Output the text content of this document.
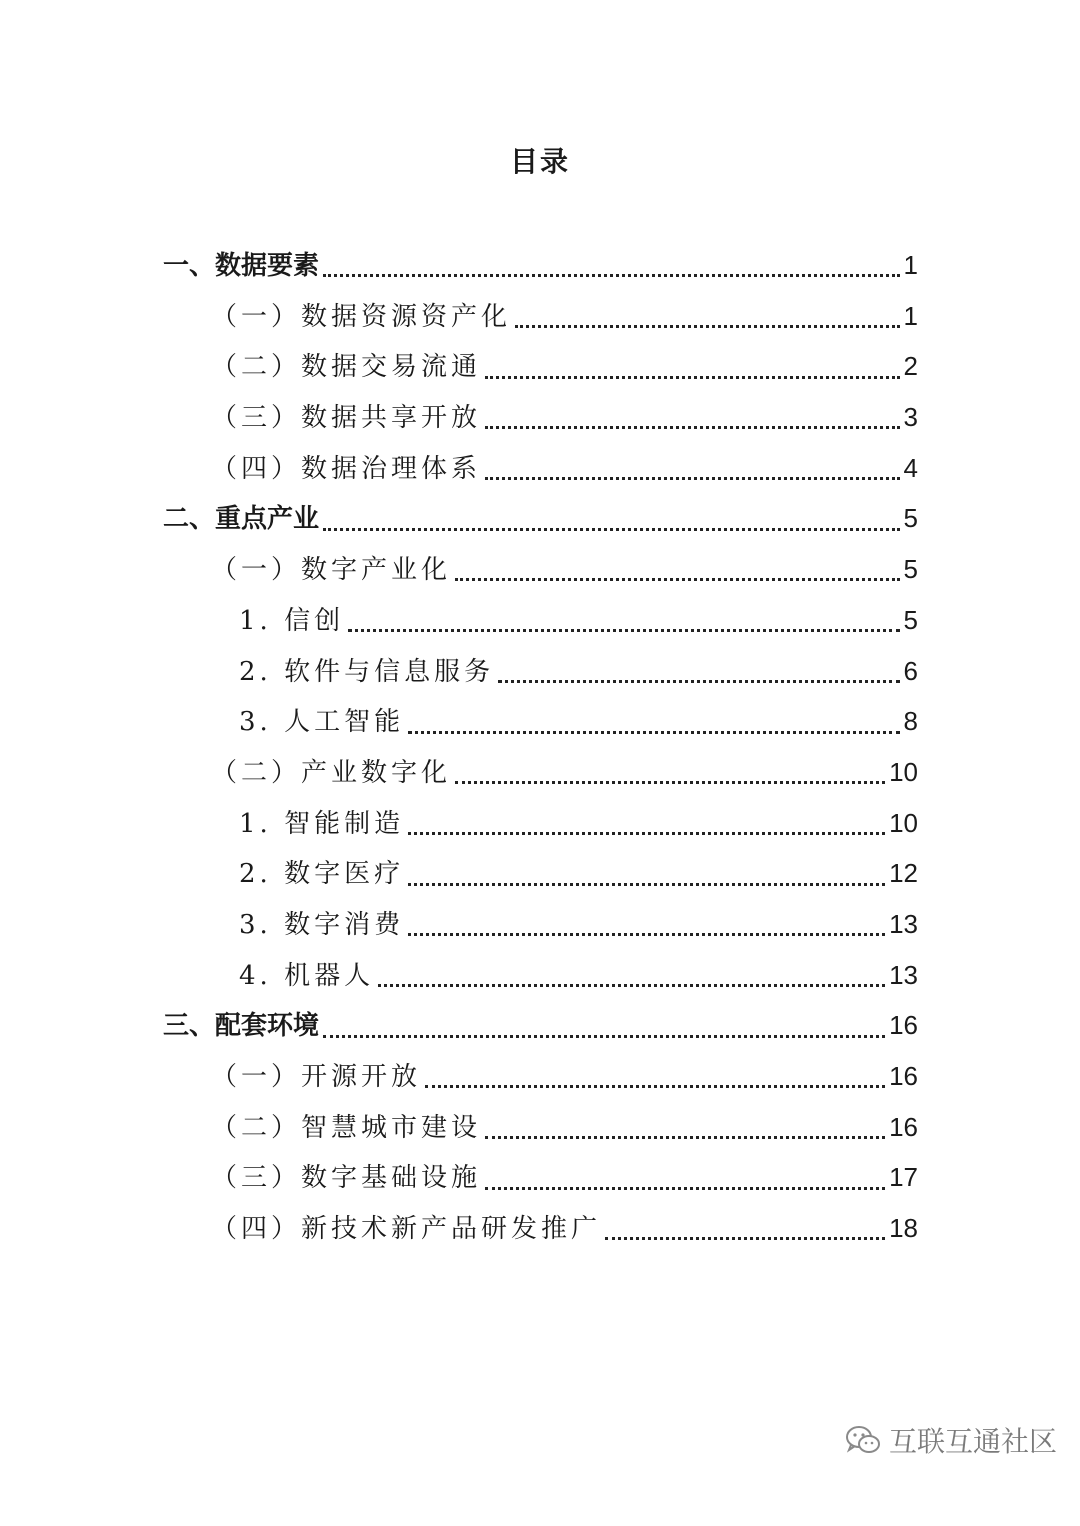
目录
一、数据要素	1
（一）数据资源资产化	1
（二）数据交易流通	2
（三）数据共享开放	3
（四）数据治理体系	4
二、重点产业	5
（一）数字产业化	5
1. 信创	5
2. 软件与信息服务	6
3. 人工智能	8
（二）产业数字化	10
1. 智能制造	10
2. 数字医疗	12
3. 数字消费	13
4. 机器人	13
三、配套环境	16
（一）开源开放	16
（二）智慧城市建设	16
（三）数字基础设施	17
（四）新技术新产品研发推广	18
互联互通社区
